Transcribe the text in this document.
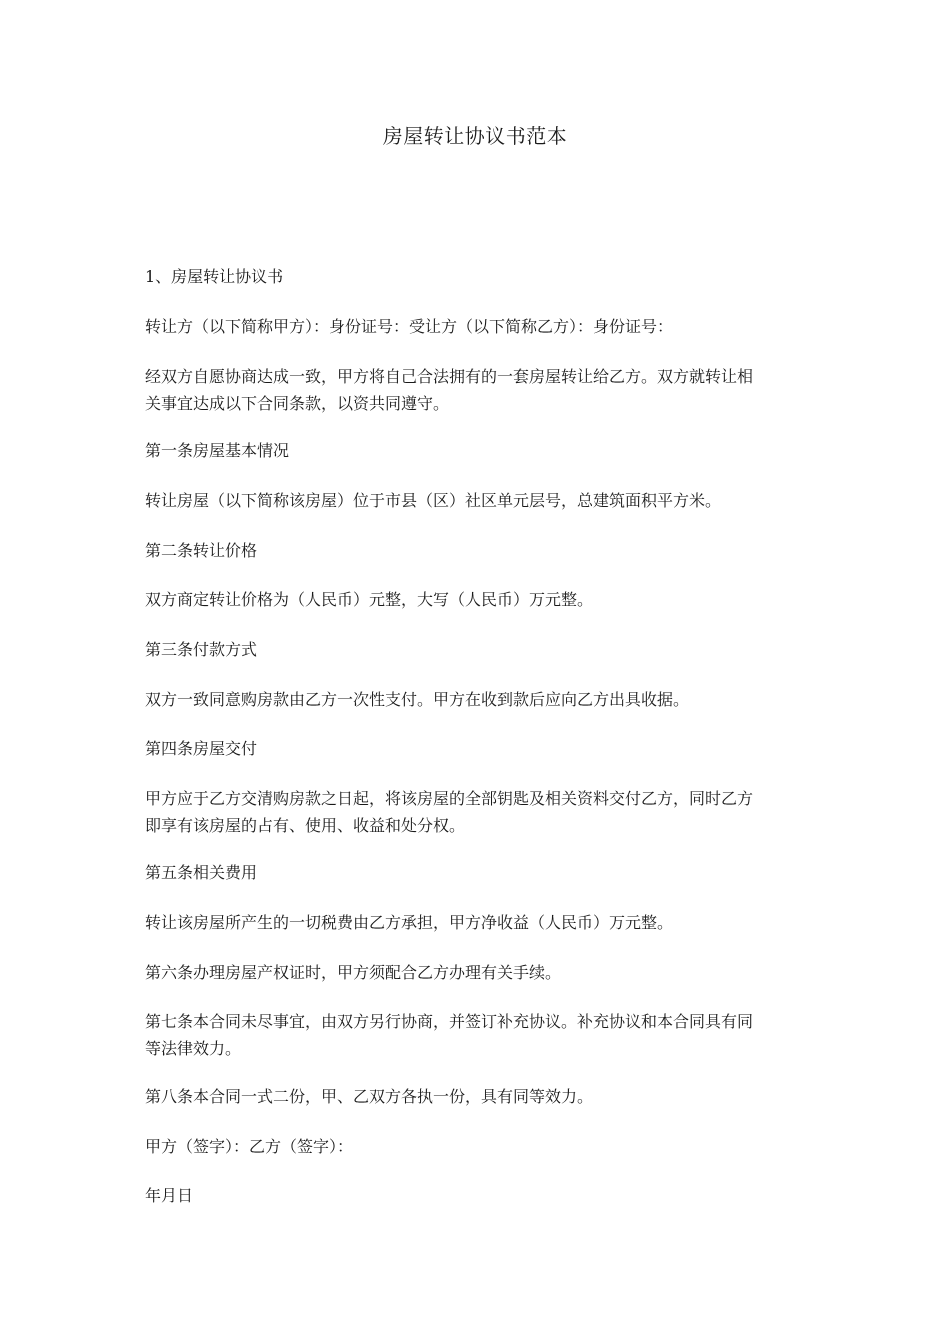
房屋转让协议书范本
1、房屋转让协议书
转让方（以下简称甲方）：身份证号：受让方（以下简称乙方）：身份证号：
经双方自愿协商达成一致，甲方将自己合法拥有的一套房屋转让给乙方。双方就转让相
关事宜达成以下合同条款，以资共同遵守。
第一条房屋基本情况
转让房屋（以下简称该房屋）位于市县（区）社区单元层号，总建筑面积平方米。
第二条转让价格
双方商定转让价格为（人民币）元整，大写（人民币）万元整。
第三条付款方式
双方一致同意购房款由乙方一次性支付。甲方在收到款后应向乙方出具收据。
第四条房屋交付
甲方应于乙方交清购房款之日起，将该房屋的全部钥匙及相关资料交付乙方，同时乙方
即享有该房屋的占有、使用、收益和处分权。
第五条相关费用
转让该房屋所产生的一切税费由乙方承担，甲方净收益（人民币）万元整。
第六条办理房屋产权证时，甲方须配合乙方办理有关手续。
第七条本合同未尽事宜，由双方另行协商，并签订补充协议。补充协议和本合同具有同
等法律效力。
第八条本合同一式二份，甲、乙双方各执一份，具有同等效力。
甲方（签字）：乙方（签字）：
年月日
